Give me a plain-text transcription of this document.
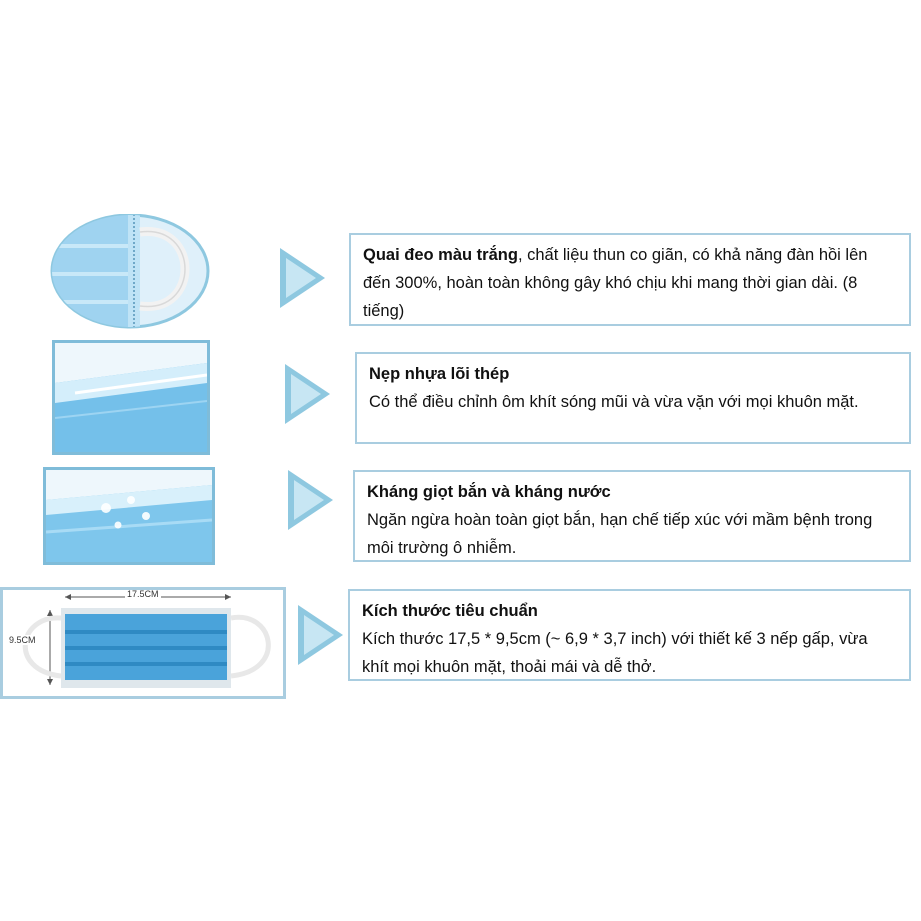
Quai đeo màu trắng, chất liệu thun co giãn, có khả năng đàn hồi lên đến 300%, hoàn toàn không gây khó chịu khi mang thời gian dài. (8 tiếng)
Nẹp nhựa lõi thép
Có thể điều chỉnh ôm khít sóng mũi và vừa vặn với mọi khuôn mặt.
Kháng giọt bắn và kháng nước
Ngăn ngừa hoàn toàn giọt bắn, hạn chế tiếp xúc với mầm bệnh trong môi trường ô nhiễm.
17.5CM
9.5CM
Kích thước tiêu chuẩn
Kích thước 17,5 * 9,5cm (~ 6,9 * 3,7 inch) với thiết kế 3 nếp gấp, vừa khít mọi khuôn mặt, thoải mái và dễ thở.
